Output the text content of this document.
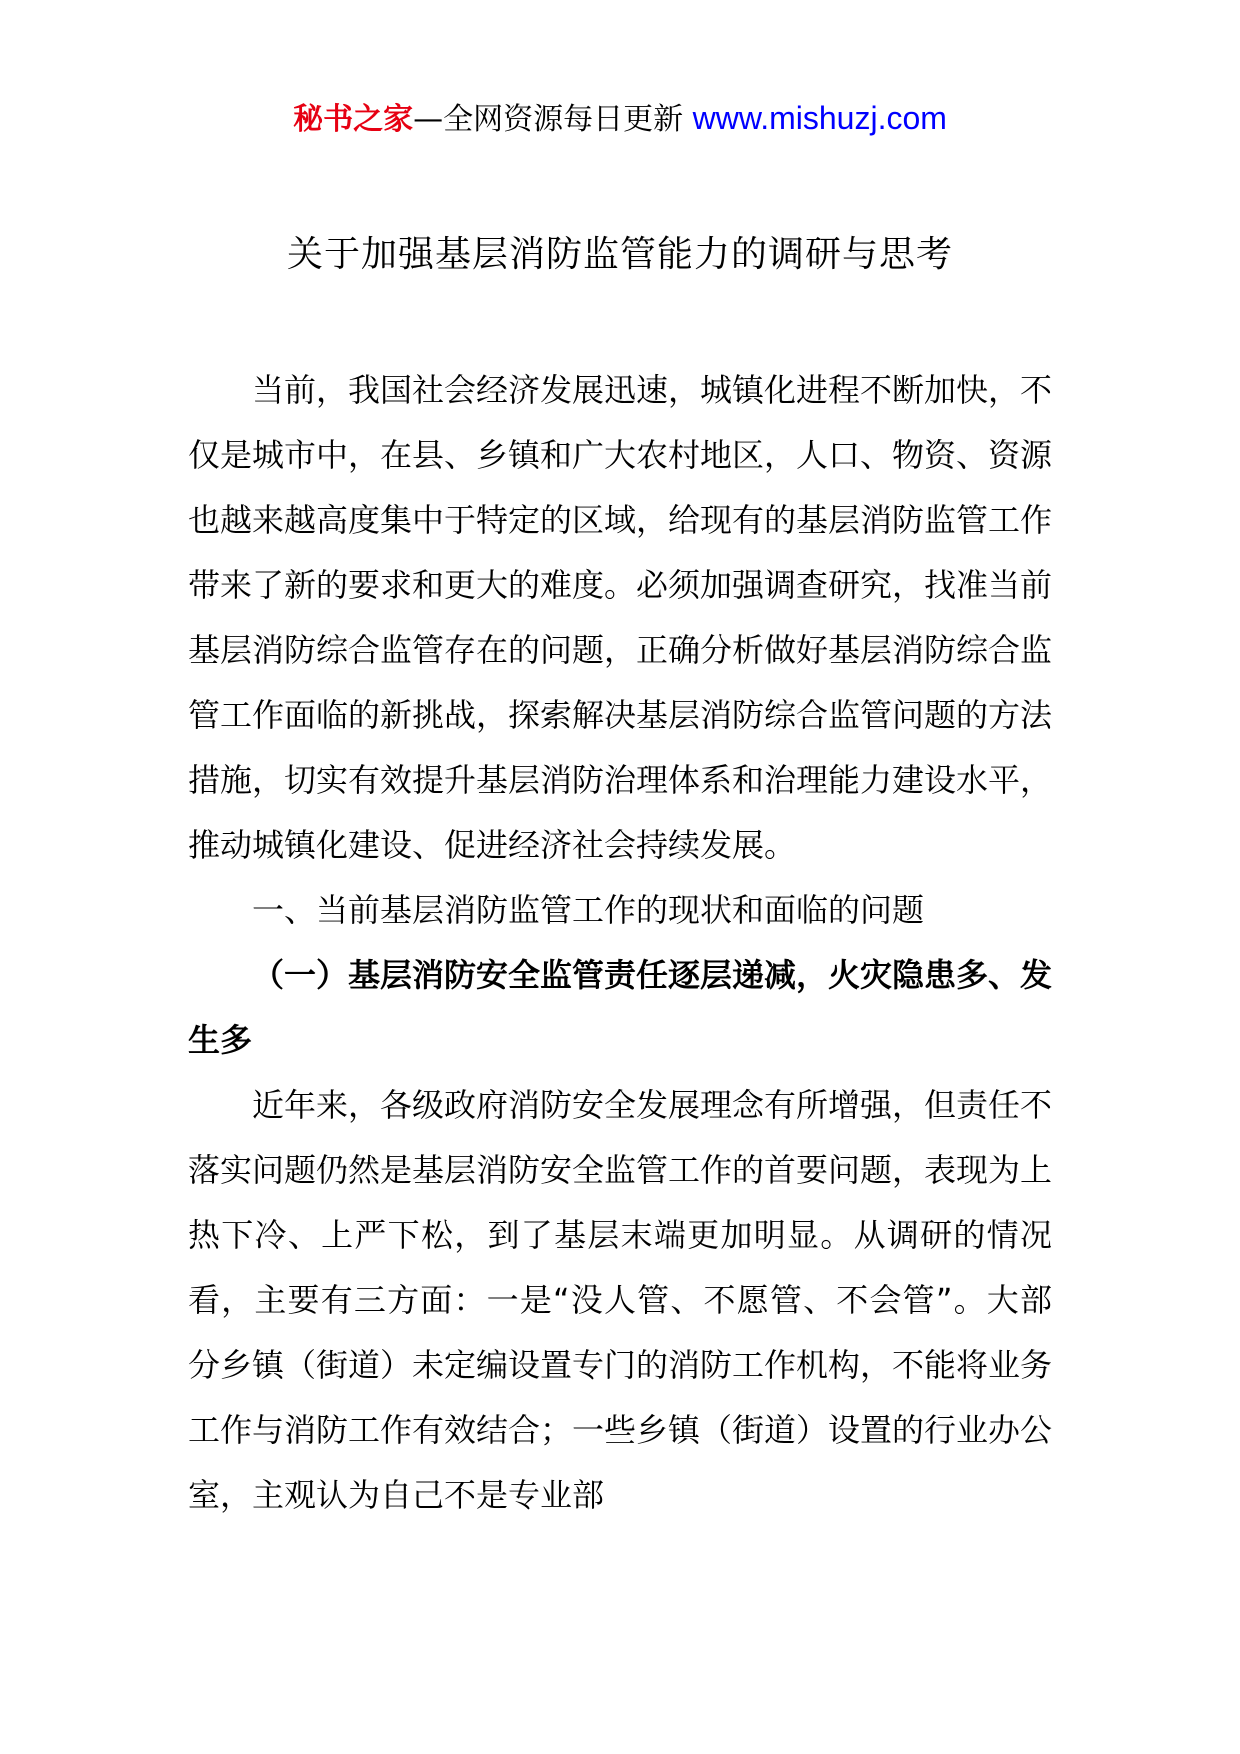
秘书之家—全网资源每日更新 www.mishuzj.com
关于加强基层消防监管能力的调研与思考

当前，我国社会经济发展迅速，城镇化进程不断加快，不仅是城市中，在县、乡镇和广大农村地区，人口、物资、资源也越来越高度集中于特定的区域，给现有的基层消防监管工作带来了新的要求和更大的难度。必须加强调查研究，找准当前基层消防综合监管存在的问题，正确分析做好基层消防综合监管工作面临的新挑战，探索解决基层消防综合监管问题的方法措施，切实有效提升基层消防治理体系和治理能力建设水平，推动城镇化建设、促进经济社会持续发展。

一、当前基层消防监管工作的现状和面临的问题

（一）基层消防安全监管责任逐层递减，火灾隐患多、发生多

近年来，各级政府消防安全发展理念有所增强，但责任不落实问题仍然是基层消防安全监管工作的首要问题，表现为上热下冷、上严下松，到了基层末端更加明显。从调研的情况看，主要有三方面：一是“没人管、不愿管、不会管”。大部分乡镇（街道）未定编设置专门的消防工作机构，不能将业务工作与消防工作有效结合；一些乡镇（街道）设置的行业办公室，主观认为自己不是专业部
